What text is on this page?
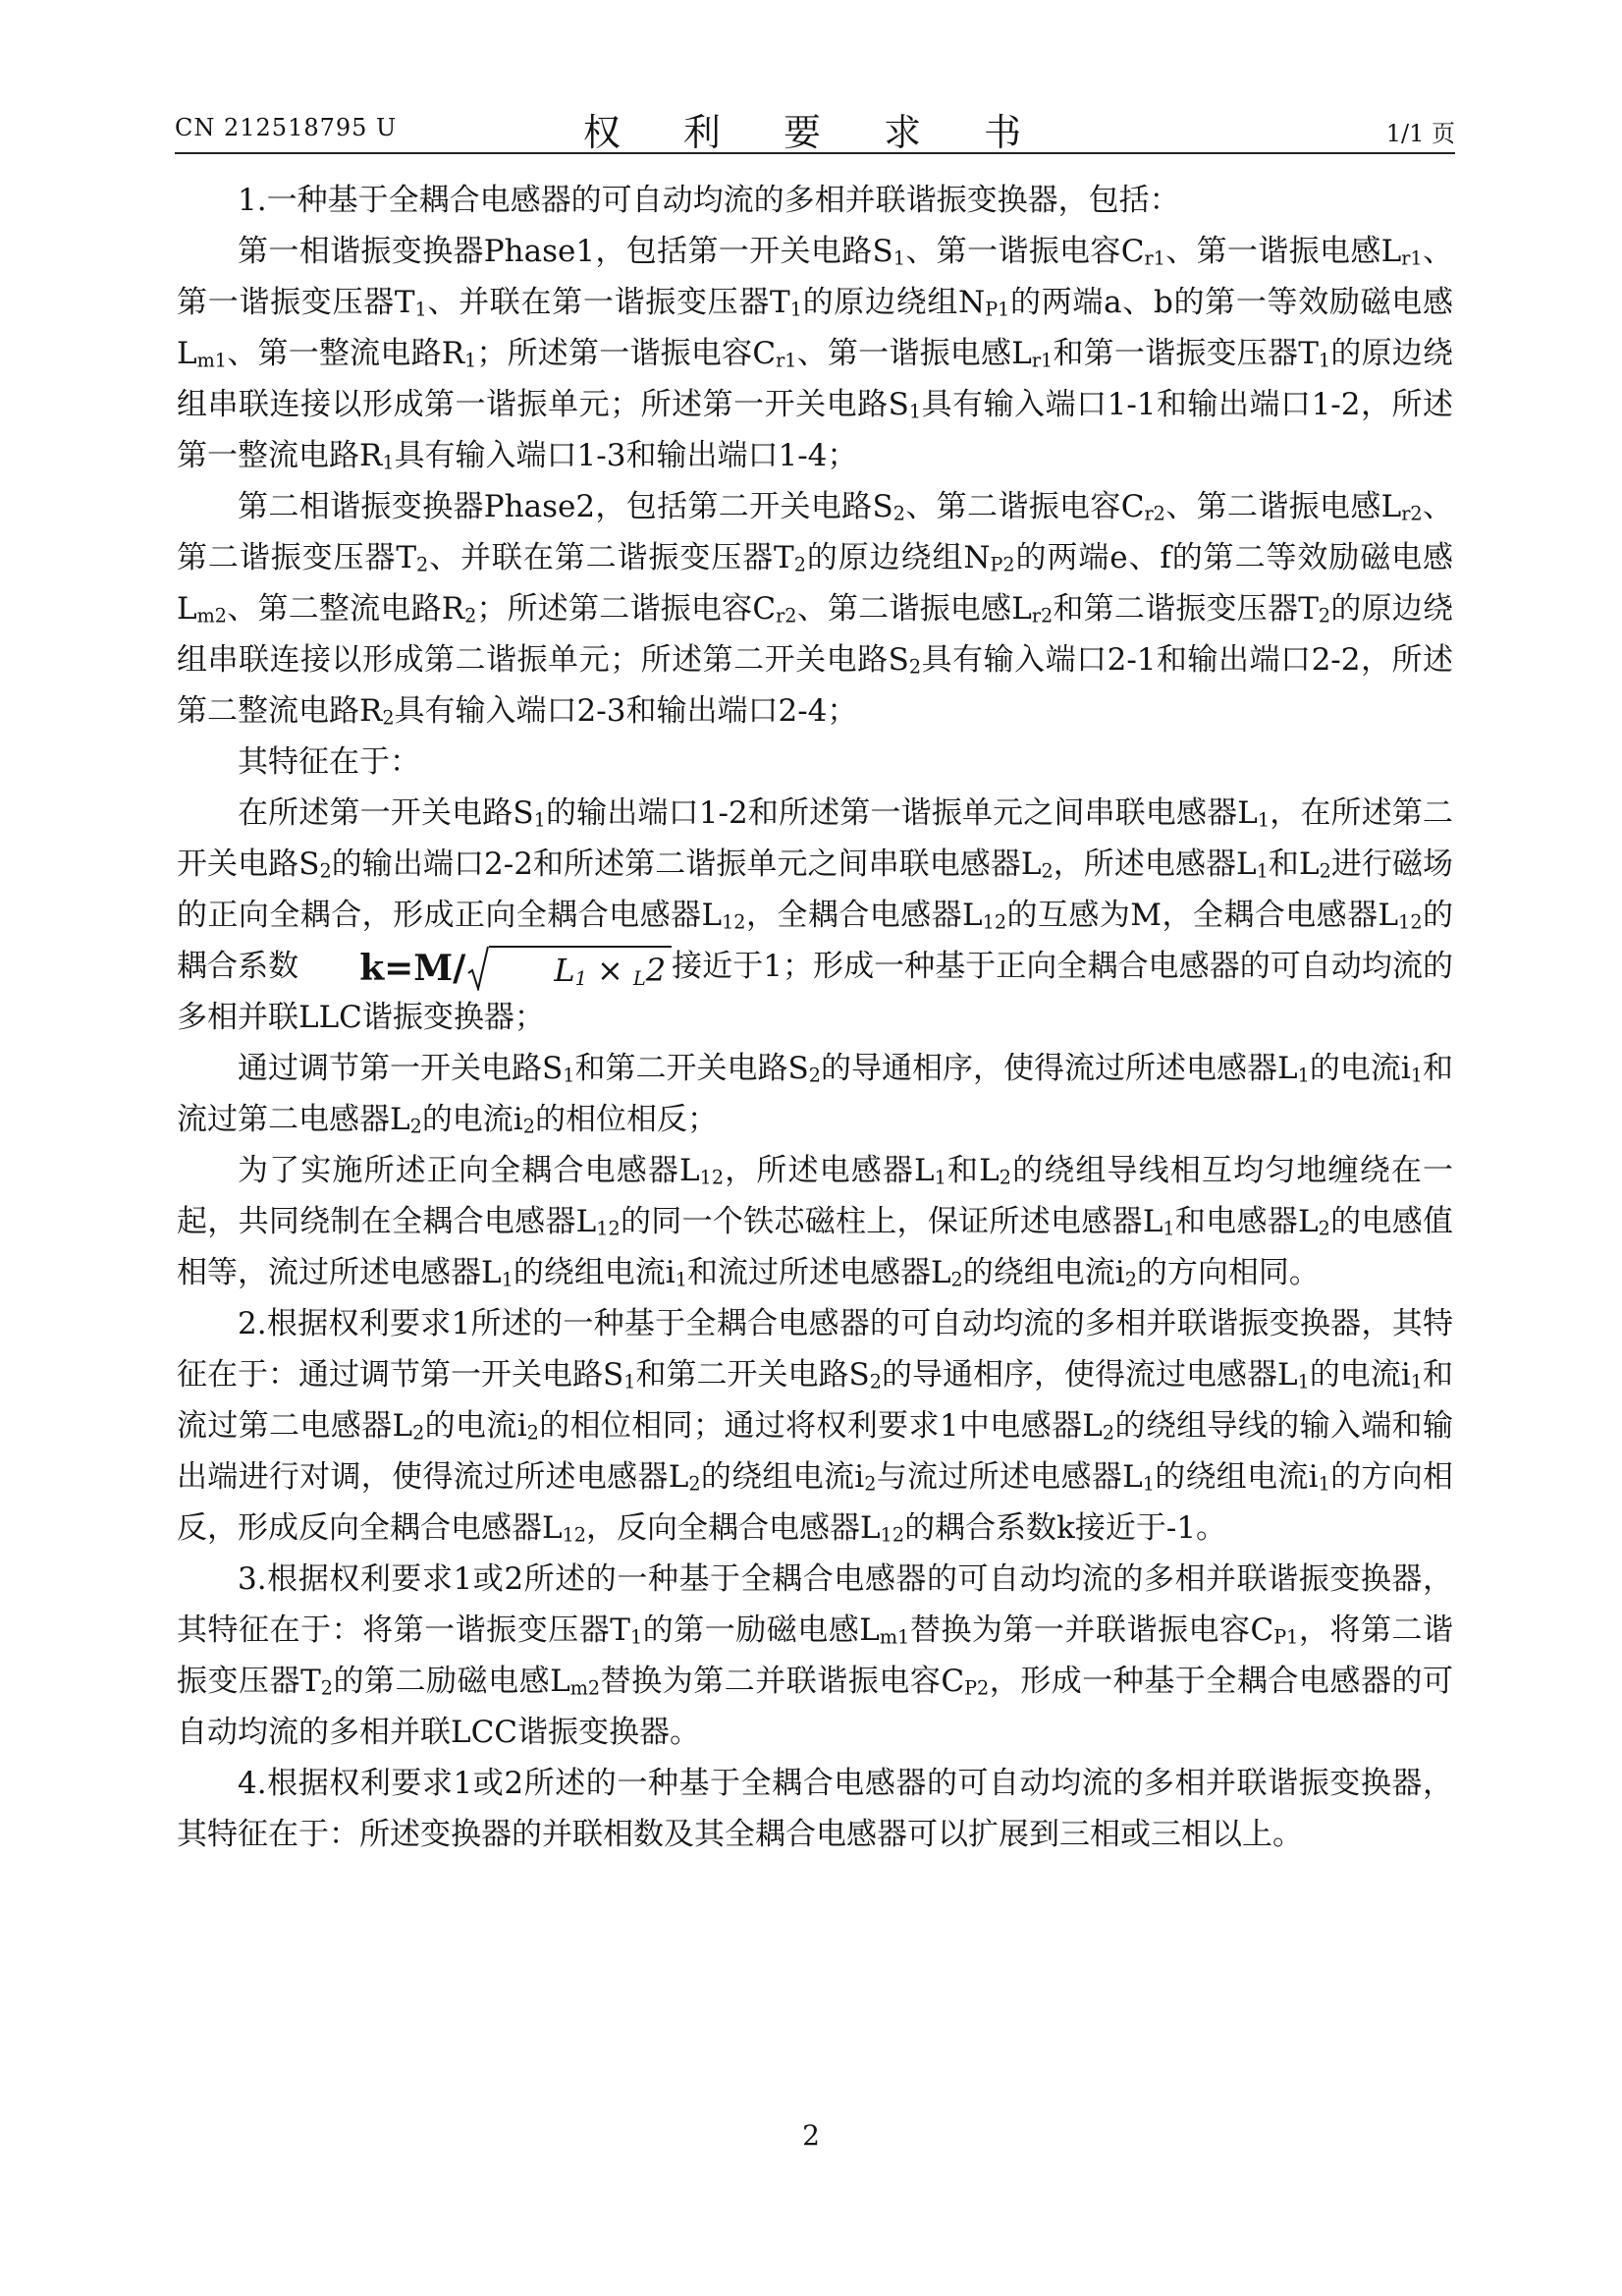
CN 212518795 U	权 利 要 求 书	1/1 页

1.一种基于全耦合电感器的可自动均流的多相并联谐振变换器，包括：

第一相谐振变换器Phase1，包括第一开关电路$S_1$、第一谐振电容$C_{r1}$、第一谐振电感$L_{r1}$、第一谐振变压器$T_1$、并联在第一谐振变压器$T_1$的原边绕组$N_{P1}$的两端a、b的第一等效励磁电感$L_{m1}$、第一整流电路$R_1$；所述第一谐振电容$C_{r1}$、第一谐振电感$L_{r1}$和第一谐振变压器$T_1$的原边绕组串联连接以形成第一谐振单元；所述第一开关电路$S_1$具有输入端口1-1和输出端口1-2，所述第一整流电路$R_1$具有输入端口1-3和输出端口1-4；

第二相谐振变换器Phase2，包括第二开关电路$S_2$、第二谐振电容$C_{r2}$、第二谐振电感$L_{r2}$、第二谐振变压器$T_2$、并联在第二谐振变压器$T_2$的原边绕组$N_{P2}$的两端e、f的第二等效励磁电感$L_{m2}$、第二整流电路$R_2$；所述第二谐振电容$C_{r2}$、第二谐振电感$L_{r2}$和第二谐振变压器$T_2$的原边绕组串联连接以形成第二谐振单元；所述第二开关电路$S_2$具有输入端口2-1和输出端口2-2，所述第二整流电路$R_2$具有输入端口2-3和输出端口2-4；

其特征在于：

在所述第一开关电路$S_1$的输出端口1-2和所述第一谐振单元之间串联电感器$L_1$，在所述第二开关电路$S_2$的输出端口2-2和所述第二谐振单元之间串联电感器$L_2$，所述电感器$L_1$和$L_2$进行磁场的正向全耦合，形成正向全耦合电感器$L_{12}$，全耦合电感器$L_{12}$的互感为M，全耦合电感器$L_{12}$的耦合系数	k=M/	$L_1 \times _L2$ 接近于1；形成一种基于正向全耦合电感器的可自动均流的多相并联LLC谐振变换器；

通过调节第一开关电路$S_1$和第二开关电路$S_2$的导通相序，使得流过所述电感器$L_1$的电流$i_1$和流过第二电感器$L_2$的电流$i_2$的相位相反；

为了实施所述正向全耦合电感器$L_{12}$，所述电感器$L_1$和$L_2$的绕组导线相互均匀地缠绕在一起，共同绕制在全耦合电感器$L_{12}$的同一个铁芯磁柱上，保证所述电感器$L_1$和电感器$L_2$的电感值相等，流过所述电感器$L_1$的绕组电流$i_1$和流过所述电感器$L_2$的绕组电流$i_2$的方向相同。

2.根据权利要求1所述的一种基于全耦合电感器的可自动均流的多相并联谐振变换器，其特征在于：通过调节第一开关电路$S_1$和第二开关电路$S_2$的导通相序，使得流过电感器$L_1$的电流$i_1$和流过第二电感器$L_2$的电流$i_2$的相位相同；通过将权利要求1中电感器$L_2$的绕组导线的输入端和输出端进行对调，使得流过所述电感器$L_2$的绕组电流$i_2$与流过所述电感器$L_1$的绕组电流$i_1$的方向相反，形成反向全耦合电感器$L_{12}$，反向全耦合电感器$L_{12}$的耦合系数k接近于-1。

3.根据权利要求1或2所述的一种基于全耦合电感器的可自动均流的多相并联谐振变换器，其特征在于：将第一谐振变压器$T_1$的第一励磁电感$L_{m1}$替换为第一并联谐振电容$C_{P1}$，将第二谐振变压器$T_2$的第二励磁电感$L_{m2}$替换为第二并联谐振电容$C_{P2}$，形成一种基于全耦合电感器的可自动均流的多相并联LCC谐振变换器。

4.根据权利要求1或2所述的一种基于全耦合电感器的可自动均流的多相并联谐振变换器，其特征在于：所述变换器的并联相数及其全耦合电感器可以扩展到三相或三相以上。

2
